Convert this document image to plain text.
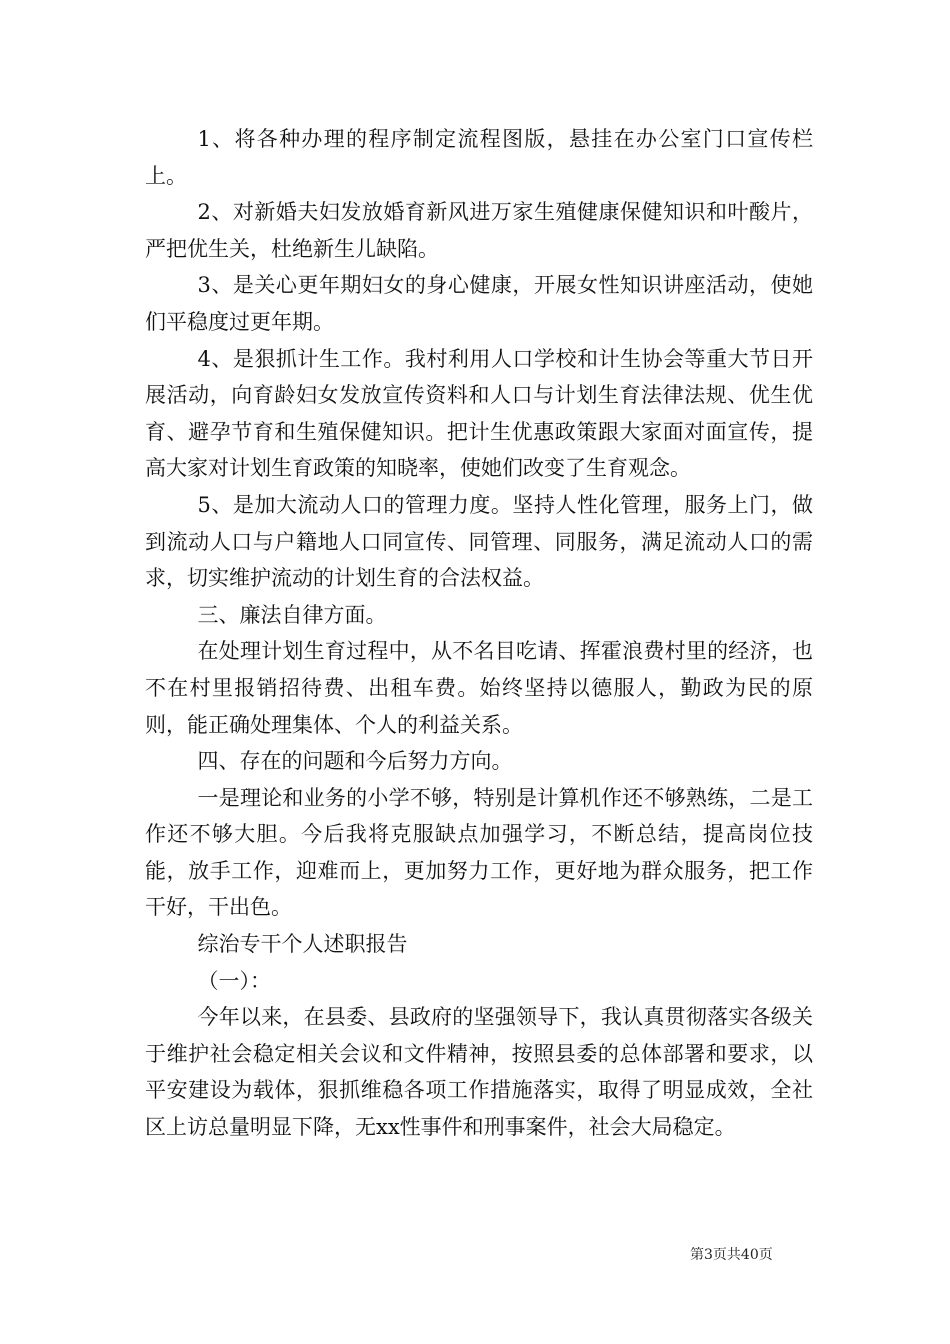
1、将各种办理的程序制定流程图版，悬挂在办公室门口宣传栏上。

2、对新婚夫妇发放婚育新风进万家生殖健康保健知识和叶酸片，严把优生关，杜绝新生儿缺陷。

3、是关心更年期妇女的身心健康，开展女性知识讲座活动，使她们平稳度过更年期。

4、是狠抓计生工作。我村利用人口学校和计生协会等重大节日开展活动，向育龄妇女发放宣传资料和人口与计划生育法律法规、优生优育、避孕节育和生殖保健知识。把计生优惠政策跟大家面对面宣传，提高大家对计划生育政策的知晓率，使她们改变了生育观念。

5、是加大流动人口的管理力度。坚持人性化管理，服务上门，做到流动人口与户籍地人口同宣传、同管理、同服务，满足流动人口的需求，切实维护流动的计划生育的合法权益。

三、廉法自律方面。

在处理计划生育过程中，从不名目吃请、挥霍浪费村里的经济，也不在村里报销招待费、出租车费。始终坚持以德服人，勤政为民的原则，能正确处理集体、个人的利益关系。

四、存在的问题和今后努力方向。

一是理论和业务的小学不够，特别是计算机作还不够熟练，二是工作还不够大胆。今后我将克服缺点加强学习，不断总结，提高岗位技能，放手工作，迎难而上，更加努力工作，更好地为群众服务，把工作干好，干出色。

综治专干个人述职报告

（一）：

今年以来，在县委、县政府的坚强领导下，我认真贯彻落实各级关于维护社会稳定相关会议和文件精神，按照县委的总体部署和要求，以平安建设为载体，狠抓维稳各项工作措施落实，取得了明显成效，全社区上访总量明显下降，无xx性事件和刑事案件，社会大局稳定。

第3页共40页
